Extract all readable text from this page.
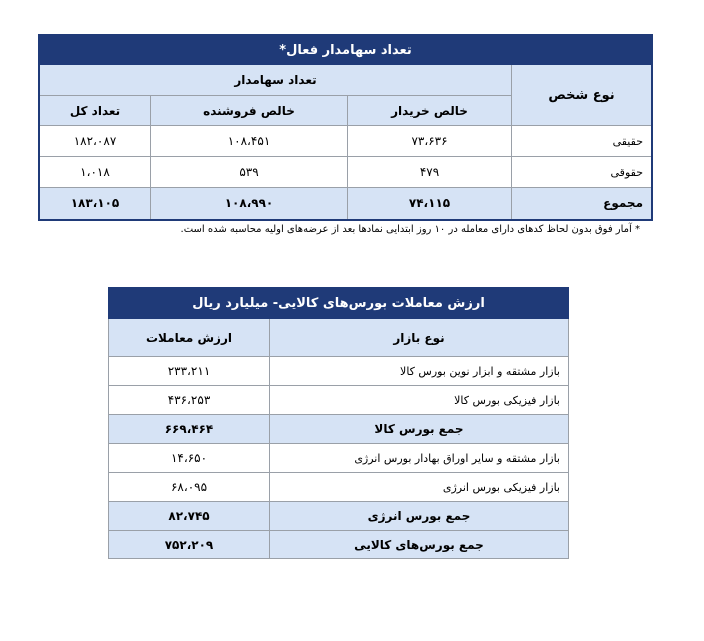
تعداد سهامدار فعال*			
نوع شخص	تعداد سهامدار		
	خالص خریدار	خالص فروشنده	تعداد کل
حقیقی	۷۳،۶۳۶	۱۰۸،۴۵۱	۱۸۲،۰۸۷
حقوقی	۴۷۹	۵۳۹	۱،۰۱۸
مجموع	۷۴،۱۱۵	۱۰۸،۹۹۰	۱۸۳،۱۰۵
* آمار فوق بدون لحاظ کدهای دارای معامله در ۱۰ روز ابتدایی نمادها بعد از عرضه‌های اولیه محاسبه شده است.
ارزش معاملات بورس‌های کالایی- میلیارد ریال	
نوع بازار	ارزش معاملات
بازار مشتقه و ابزار نوین بورس کالا	۲۳۳،۲۱۱
بازار فیزیکی بورس کالا	۴۳۶،۲۵۳
جمع بورس کالا	۶۶۹،۴۶۴
بازار مشتقه و سایر اوراق بهادار بورس انرژی	۱۴،۶۵۰
بازار فیزیکی بورس انرژی	۶۸،۰۹۵
جمع بورس انرژی	۸۲،۷۴۵
جمع بورس‌های کالایی	۷۵۲،۲۰۹
